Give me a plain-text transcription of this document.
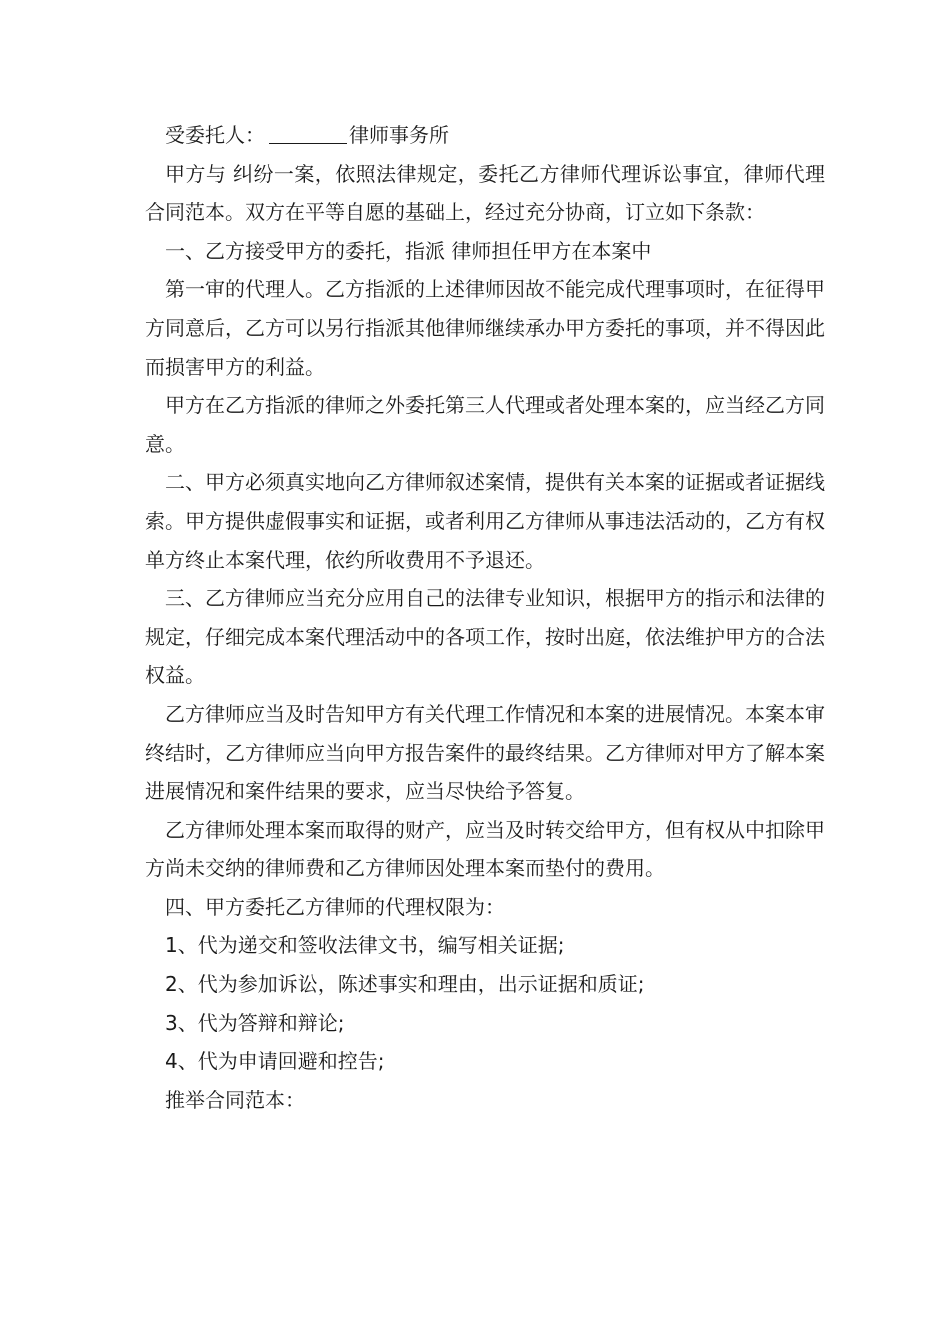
受委托人：	律师事务所

甲方与 纠纷一案，依照法律规定，委托乙方律师代理诉讼事宜，律师代理合同范本。双方在平等自愿的基础上，经过充分协商，订立如下条款：

一、乙方接受甲方的委托，指派 律师担任甲方在本案中

第一审的代理人。乙方指派的上述律师因故不能完成代理事项时，在征得甲方同意后，乙方可以另行指派其他律师继续承办甲方委托的事项，并不得因此而损害甲方的利益。

甲方在乙方指派的律师之外委托第三人代理或者处理本案的，应当经乙方同意。

二、甲方必须真实地向乙方律师叙述案情，提供有关本案的证据或者证据线索。甲方提供虚假事实和证据，或者利用乙方律师从事违法活动的，乙方有权单方终止本案代理，依约所收费用不予退还。

三、乙方律师应当充分应用自己的法律专业知识，根据甲方的指示和法律的规定，仔细完成本案代理活动中的各项工作，按时出庭，依法维护甲方的合法权益。

乙方律师应当及时告知甲方有关代理工作情况和本案的进展情况。本案本审终结时，乙方律师应当向甲方报告案件的最终结果。乙方律师对甲方了解本案进展情况和案件结果的要求，应当尽快给予答复。

乙方律师处理本案而取得的财产，应当及时转交给甲方，但有权从中扣除甲方尚未交纳的律师费和乙方律师因处理本案而垫付的费用。

四、甲方委托乙方律师的代理权限为：

1、代为递交和签收法律文书，编写相关证据;

2、代为参加诉讼，陈述事实和理由，出示证据和质证;

3、代为答辩和辩论;

4、代为申请回避和控告;

推举合同范本：
